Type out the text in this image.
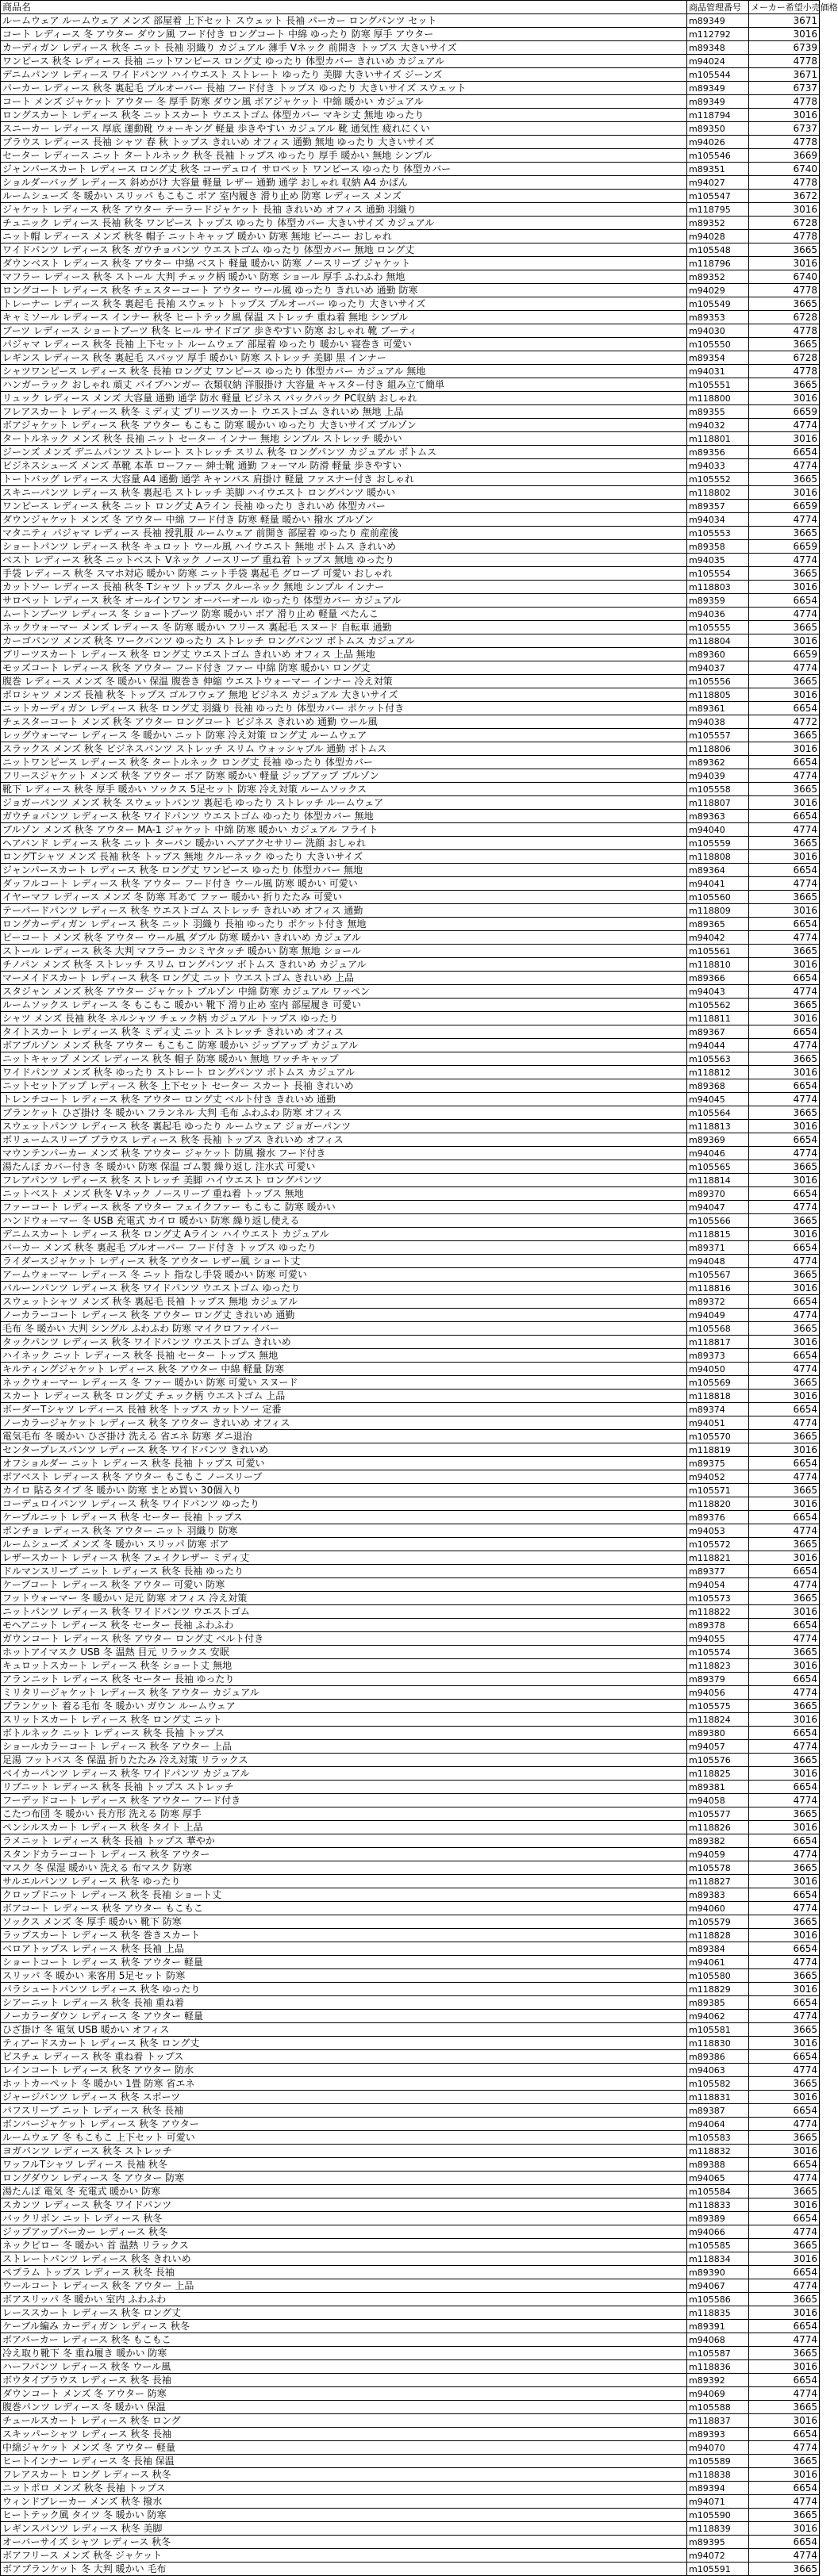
商品名	商品管理番号	メーカー希望小売価格
ルームウェア ルームウェア メンズ 部屋着 上下セット スウェット 長袖 パーカー ロングパンツ セット	m89349	3671
コート レディース 冬 アウター ダウン風 フード付き ロングコート 中綿 ゆったり 防寒 厚手 アウター	m112792	3016
カーディガン レディース 秋冬 ニット 長袖 羽織り カジュアル 薄手 Vネック 前開き トップス 大きいサイズ	m89348	6739
ワンピース 秋冬 レディース 長袖 ニットワンピース ロング丈 ゆったり 体型カバー きれいめ カジュアル	m94024	4778
デニムパンツ レディース ワイドパンツ ハイウエスト ストレート ゆったり 美脚 大きいサイズ ジーンズ	m105544	3671
パーカー レディース 秋冬 裏起毛 プルオーバー 長袖 フード付き トップス ゆったり 大きいサイズ スウェット	m89349	6737
コート メンズ ジャケット アウター 冬 厚手 防寒 ダウン風 ボアジャケット 中綿 暖かい カジュアル	m89349	4778
ロングスカート レディース 秋冬 ニットスカート ウエストゴム 体型カバー マキシ丈 無地 ゆったり	m118794	3016
スニーカー レディース 厚底 運動靴 ウォーキング 軽量 歩きやすい カジュアル 靴 通気性 疲れにくい	m89350	6737
ブラウス レディース 長袖 シャツ 春 秋 トップス きれいめ オフィス 通勤 無地 ゆったり 大きいサイズ	m94026	4778
セーター レディース ニット タートルネック 秋冬 長袖 トップス ゆったり 厚手 暖かい 無地 シンプル	m105546	3669
ジャンパースカート レディース ロング丈 秋冬 コーデュロイ サロペット ワンピース ゆったり 体型カバー	m89351	6740
ショルダーバッグ レディース 斜めがけ 大容量 軽量 レザー 通勤 通学 おしゃれ 収納 A4 かばん	m94027	4778
ルームシューズ 冬 暖かい スリッパ もこもこ ボア 室内履き 滑り止め 防寒 レディース メンズ	m105547	3672
ジャケット レディース 秋冬 アウター テーラードジャケット 長袖 きれいめ オフィス 通勤 羽織り	m118795	3016
チュニック レディース 長袖 秋冬 ワンピース トップス ゆったり 体型カバー 大きいサイズ カジュアル	m89352	6728
ニット帽 レディース メンズ 秋冬 帽子 ニットキャップ 暖かい 防寒 無地 ビーニー おしゃれ	m94028	4778
ワイドパンツ レディース 秋冬 ガウチョパンツ ウエストゴム ゆったり 体型カバー 無地 ロング丈	m105548	3665
ダウンベスト レディース 秋冬 アウター 中綿 ベスト 軽量 暖かい 防寒 ノースリーブ ジャケット	m118796	3016
マフラー レディース 秋冬 ストール 大判 チェック柄 暖かい 防寒 ショール 厚手 ふわふわ 無地	m89352	6740
ロングコート レディース 秋冬 チェスターコート アウター ウール風 ゆったり きれいめ 通勤 防寒	m94029	4778
トレーナー レディース 秋冬 裏起毛 長袖 スウェット トップス プルオーバー ゆったり 大きいサイズ	m105549	3665
キャミソール レディース インナー 秋冬 ヒートテック風 保温 ストレッチ 重ね着 無地 シンプル	m89353	6728
ブーツ レディース ショートブーツ 秋冬 ヒール サイドゴア 歩きやすい 防寒 おしゃれ 靴 ブーティ	m94030	4778
パジャマ レディース 秋冬 長袖 上下セット ルームウェア 部屋着 ゆったり 暖かい 寝巻き 可愛い	m105550	3665
レギンス レディース 秋冬 裏起毛 スパッツ 厚手 暖かい 防寒 ストレッチ 美脚 黒 インナー	m89354	6728
シャツワンピース レディース 秋冬 長袖 ロング丈 ワンピース ゆったり 体型カバー カジュアル 無地	m94031	4778
ハンガーラック おしゃれ 頑丈 パイプハンガー 衣類収納 洋服掛け 大容量 キャスター付き 組み立て簡単	m105551	3665
リュック レディース メンズ 大容量 通勤 通学 防水 軽量 ビジネス バックパック PC収納 おしゃれ	m118800	3016
フレアスカート レディース 秋冬 ミディ丈 プリーツスカート ウエストゴム きれいめ 無地 上品	m89355	6659
ボアジャケット レディース 秋冬 アウター もこもこ 防寒 暖かい ゆったり 大きいサイズ ブルゾン	m94032	4774
タートルネック メンズ 秋冬 長袖 ニット セーター インナー 無地 シンプル ストレッチ 暖かい	m118801	3016
ジーンズ メンズ デニムパンツ ストレート ストレッチ スリム 秋冬 ロングパンツ カジュアル ボトムス	m89356	6654
ビジネスシューズ メンズ 革靴 本革 ローファー 紳士靴 通勤 フォーマル 防滑 軽量 歩きやすい	m94033	4774
トートバッグ レディース 大容量 A4 通勤 通学 キャンバス 肩掛け 軽量 ファスナー付き おしゃれ	m105552	3665
スキニーパンツ レディース 秋冬 裏起毛 ストレッチ 美脚 ハイウエスト ロングパンツ 暖かい	m118802	3016
ワンピース レディース 秋冬 ニット ロング丈 Aライン 長袖 ゆったり きれいめ 体型カバー	m89357	6659
ダウンジャケット メンズ 冬 アウター 中綿 フード付き 防寒 軽量 暖かい 撥水 ブルゾン	m94034	4774
マタニティ パジャマ レディース 長袖 授乳服 ルームウェア 前開き 部屋着 ゆったり 産前産後	m105553	3665
ショートパンツ レディース 秋冬 キュロット ウール風 ハイウエスト 無地 ボトムス きれいめ	m89358	6659
ベスト レディース 秋冬 ニットベスト Vネック ノースリーブ 重ね着 トップス 無地 ゆったり	m94035	4774
手袋 レディース 秋冬 スマホ対応 暖かい 防寒 ニット手袋 裏起毛 グローブ 可愛い おしゃれ	m105554	3665
カットソー レディース 長袖 秋冬 Tシャツ トップス クルーネック 無地 シンプル インナー	m118803	3016
サロペット レディース 秋冬 オールインワン オーバーオール ゆったり 体型カバー カジュアル	m89359	6654
ムートンブーツ レディース 冬 ショートブーツ 防寒 暖かい ボア 滑り止め 軽量 ぺたんこ	m94036	4774
ネックウォーマー メンズ レディース 冬 防寒 暖かい フリース 裏起毛 スヌード 自転車 通勤	m105555	3665
カーゴパンツ メンズ 秋冬 ワークパンツ ゆったり ストレッチ ロングパンツ ボトムス カジュアル	m118804	3016
プリーツスカート レディース 秋冬 ロング丈 ウエストゴム きれいめ オフィス 上品 無地	m89360	6659
モッズコート レディース 秋冬 アウター フード付き ファー 中綿 防寒 暖かい ロング丈	m94037	4774
腹巻 レディース メンズ 冬 暖かい 保温 腹巻き 伸縮 ウエストウォーマー インナー 冷え対策	m105556	3665
ポロシャツ メンズ 長袖 秋冬 トップス ゴルフウェア 無地 ビジネス カジュアル 大きいサイズ	m118805	3016
ニットカーディガン レディース 秋冬 ロング丈 羽織り 長袖 ゆったり 体型カバー ポケット付き	m89361	6654
チェスターコート メンズ 秋冬 アウター ロングコート ビジネス きれいめ 通勤 ウール風	m94038	4772
レッグウォーマー レディース 冬 暖かい ニット 防寒 冷え対策 ロング丈 ルームウェア	m105557	3665
スラックス メンズ 秋冬 ビジネスパンツ ストレッチ スリム ウォッシャブル 通勤 ボトムス	m118806	3016
ニットワンピース レディース 秋冬 タートルネック ロング丈 長袖 ゆったり 体型カバー	m89362	6654
フリースジャケット メンズ 秋冬 アウター ボア 防寒 暖かい 軽量 ジップアップ ブルゾン	m94039	4774
靴下 レディース 秋冬 厚手 暖かい ソックス 5足セット 防寒 冷え対策 ルームソックス	m105558	3665
ジョガーパンツ メンズ 秋冬 スウェットパンツ 裏起毛 ゆったり ストレッチ ルームウェア	m118807	3016
ガウチョパンツ レディース 秋冬 ワイドパンツ ウエストゴム ゆったり 体型カバー 無地	m89363	6654
ブルゾン メンズ 秋冬 アウター MA-1 ジャケット 中綿 防寒 暖かい カジュアル フライト	m94040	4774
ヘアバンド レディース 秋冬 ニット ターバン 暖かい ヘアアクセサリー 洗顔 おしゃれ	m105559	3665
ロングTシャツ メンズ 長袖 秋冬 トップス 無地 クルーネック ゆったり 大きいサイズ	m118808	3016
ジャンパースカート レディース 秋冬 ロング丈 ワンピース ゆったり 体型カバー 無地	m89364	6654
ダッフルコート レディース 秋冬 アウター フード付き ウール風 防寒 暖かい 可愛い	m94041	4774
イヤーマフ レディース メンズ 冬 防寒 耳あて ファー 暖かい 折りたたみ 可愛い	m105560	3665
テーパードパンツ レディース 秋冬 ウエストゴム ストレッチ きれいめ オフィス 通勤	m118809	3016
ロングカーディガン レディース 秋冬 ニット 羽織り 長袖 ゆったり ポケット付き 無地	m89365	6654
ピーコート メンズ 秋冬 アウター ウール風 ダブル 防寒 暖かい きれいめ カジュアル	m94042	4774
ストール レディース 秋冬 大判 マフラー カシミヤタッチ 暖かい 防寒 無地 ショール	m105561	3665
チノパン メンズ 秋冬 ストレッチ スリム ロングパンツ ボトムス きれいめ カジュアル	m118810	3016
マーメイドスカート レディース 秋冬 ロング丈 ニット ウエストゴム きれいめ 上品	m89366	6654
スタジャン メンズ 秋冬 アウター ジャケット ブルゾン 中綿 防寒 カジュアル ワッペン	m94043	4774
ルームソックス レディース 冬 もこもこ 暖かい 靴下 滑り止め 室内 部屋履き 可愛い	m105562	3665
シャツ メンズ 長袖 秋冬 ネルシャツ チェック柄 カジュアル トップス ゆったり	m118811	3016
タイトスカート レディース 秋冬 ミディ丈 ニット ストレッチ きれいめ オフィス	m89367	6654
ボアブルゾン メンズ 秋冬 アウター もこもこ 防寒 暖かい ジップアップ カジュアル	m94044	4774
ニットキャップ メンズ レディース 秋冬 帽子 防寒 暖かい 無地 ワッチキャップ	m105563	3665
ワイドパンツ メンズ 秋冬 ゆったり ストレート ロングパンツ ボトムス カジュアル	m118812	3016
ニットセットアップ レディース 秋冬 上下セット セーター スカート 長袖 きれいめ	m89368	6654
トレンチコート レディース 秋冬 アウター ロング丈 ベルト付き きれいめ 通勤	m94045	4774
ブランケット ひざ掛け 冬 暖かい フランネル 大判 毛布 ふわふわ 防寒 オフィス	m105564	3665
スウェットパンツ レディース 秋冬 裏起毛 ゆったり ルームウェア ジョガーパンツ	m118813	3016
ボリュームスリーブ ブラウス レディース 秋冬 長袖 トップス きれいめ オフィス	m89369	6654
マウンテンパーカー メンズ 秋冬 アウター ジャケット 防風 撥水 フード付き	m94046	4774
湯たんぽ カバー付き 冬 暖かい 防寒 保温 ゴム製 繰り返し 注水式 可愛い	m105565	3665
フレアパンツ レディース 秋冬 ストレッチ 美脚 ハイウエスト ロングパンツ	m118814	3016
ニットベスト メンズ 秋冬 Vネック ノースリーブ 重ね着 トップス 無地	m89370	6654
ファーコート レディース 秋冬 アウター フェイクファー もこもこ 防寒 暖かい	m94047	4774
ハンドウォーマー 冬 USB 充電式 カイロ 暖かい 防寒 繰り返し使える	m105566	3665
デニムスカート レディース 秋冬 ロング丈 Aライン ハイウエスト カジュアル	m118815	3016
パーカー メンズ 秋冬 裏起毛 プルオーバー フード付き トップス ゆったり	m89371	6654
ライダースジャケット レディース 秋冬 アウター レザー風 ショート丈	m94048	4774
アームウォーマー レディース 冬 ニット 指なし手袋 暖かい 防寒 可愛い	m105567	3665
バルーンパンツ レディース 秋冬 ワイドパンツ ウエストゴム ゆったり	m118816	3016
スウェットシャツ メンズ 秋冬 裏起毛 長袖 トップス 無地 カジュアル	m89372	6654
ノーカラーコート レディース 秋冬 アウター ロング丈 きれいめ 通勤	m94049	4774
毛布 冬 暖かい 大判 シングル ふわふわ 防寒 マイクロファイバー	m105568	3665
タックパンツ レディース 秋冬 ワイドパンツ ウエストゴム きれいめ	m118817	3016
ハイネック ニット レディース 秋冬 長袖 セーター トップス 無地	m89373	6654
キルティングジャケット レディース 秋冬 アウター 中綿 軽量 防寒	m94050	4774
ネックウォーマー レディース 冬 ファー 暖かい 防寒 可愛い スヌード	m105569	3665
スカート レディース 秋冬 ロング丈 チェック柄 ウエストゴム 上品	m118818	3016
ボーダーTシャツ レディース 長袖 秋冬 トップス カットソー 定番	m89374	6654
ノーカラージャケット レディース 秋冬 アウター きれいめ オフィス	m94051	4774
電気毛布 冬 暖かい ひざ掛け 洗える 省エネ 防寒 ダニ退治	m105570	3665
センタープレスパンツ レディース 秋冬 ワイドパンツ きれいめ	m118819	3016
オフショルダー ニット レディース 秋冬 長袖 トップス 可愛い	m89375	6654
ボアベスト レディース 秋冬 アウター もこもこ ノースリーブ	m94052	4774
カイロ 貼るタイプ 冬 暖かい 防寒 まとめ買い 30個入り	m105571	3665
コーデュロイパンツ レディース 秋冬 ワイドパンツ ゆったり	m118820	3016
ケーブルニット レディース 秋冬 セーター 長袖 トップス	m89376	6654
ポンチョ レディース 秋冬 アウター ニット 羽織り 防寒	m94053	4774
ルームシューズ メンズ 冬 暖かい スリッパ 防寒 ボア	m105572	3665
レザースカート レディース 秋冬 フェイクレザー ミディ丈	m118821	3016
ドルマンスリーブ ニット レディース 秋冬 長袖 ゆったり	m89377	6654
ケープコート レディース 秋冬 アウター 可愛い 防寒	m94054	4774
フットウォーマー 冬 暖かい 足元 防寒 オフィス 冷え対策	m105573	3665
ニットパンツ レディース 秋冬 ワイドパンツ ウエストゴム	m118822	3016
モヘアニット レディース 秋冬 セーター 長袖 ふわふわ	m89378	6654
ガウンコート レディース 秋冬 アウター ロング丈 ベルト付き	m94055	4774
ホットアイマスク USB 冬 温熱 目元 リラックス 安眠	m105574	3665
キュロットスカート レディース 秋冬 ショート丈 無地	m118823	3016
アランニット レディース 秋冬 セーター 長袖 ゆったり	m89379	6654
ミリタリージャケット レディース 秋冬 アウター カジュアル	m94056	4774
ブランケット 着る毛布 冬 暖かい ガウン ルームウェア	m105575	3665
スリットスカート レディース 秋冬 ロング丈 ニット	m118824	3016
ボトルネック ニット レディース 秋冬 長袖 トップス	m89380	6654
ショールカラーコート レディース 秋冬 アウター 上品	m94057	4774
足湯 フットバス 冬 保温 折りたたみ 冷え対策 リラックス	m105576	3665
ベイカーパンツ レディース 秋冬 ワイドパンツ カジュアル	m118825	3016
リブニット レディース 秋冬 長袖 トップス ストレッチ	m89381	6654
フーデッドコート レディース 秋冬 アウター フード付き	m94058	4774
こたつ布団 冬 暖かい 長方形 洗える 防寒 厚手	m105577	3665
ペンシルスカート レディース 秋冬 タイト 上品	m118826	3016
ラメニット レディース 秋冬 長袖 トップス 華やか	m89382	6654
スタンドカラーコート レディース 秋冬 アウター	m94059	4774
マスク 冬 保湿 暖かい 洗える 布マスク 防寒	m105578	3665
サルエルパンツ レディース 秋冬 ゆったり	m118827	3016
クロップドニット レディース 秋冬 長袖 ショート丈	m89383	6654
ボアコート レディース 秋冬 アウター もこもこ	m94060	4774
ソックス メンズ 冬 厚手 暖かい 靴下 防寒	m105579	3665
ラップスカート レディース 秋冬 巻きスカート	m118828	3016
ベロアトップス レディース 秋冬 長袖 上品	m89384	6654
ショートコート レディース 秋冬 アウター 軽量	m94061	4774
スリッパ 冬 暖かい 来客用 5足セット 防寒	m105580	3665
パラシュートパンツ レディース 秋冬 ゆったり	m118829	3016
シアーニット レディース 秋冬 長袖 重ね着	m89385	6654
ノーカラーダウン レディース 冬 アウター 軽量	m94062	4774
ひざ掛け 冬 電気 USB 暖かい オフィス	m105581	3665
ティアードスカート レディース 秋冬 ロング丈	m118830	3016
ビスチェ レディース 秋冬 重ね着 トップス	m89386	6654
レインコート レディース 秋冬 アウター 防水	m94063	4774
ホットカーペット 冬 暖かい 1畳 防寒 省エネ	m105582	3665
ジャージパンツ レディース 秋冬 スポーツ	m118831	3016
パフスリーブ ニット レディース 秋冬 長袖	m89387	6654
ボンバージャケット レディース 秋冬 アウター	m94064	4774
ルームウェア 冬 もこもこ 上下セット 可愛い	m105583	3665
ヨガパンツ レディース 秋冬 ストレッチ	m118832	3016
ワッフルTシャツ レディース 長袖 秋冬	m89388	6654
ロングダウン レディース 冬 アウター 防寒	m94065	4774
湯たんぽ 電気 冬 充電式 暖かい 防寒	m105584	3665
スカンツ レディース 秋冬 ワイドパンツ	m118833	3016
バックリボン ニット レディース 秋冬	m89389	6654
ジップアップパーカー レディース 秋冬	m94066	4774
ネックピロー 冬 暖かい 首 温熱 リラックス	m105585	3665
ストレートパンツ レディース 秋冬 きれいめ	m118834	3016
ペプラム トップス レディース 秋冬 長袖	m89390	6654
ウールコート レディース 秋冬 アウター 上品	m94067	4774
ボアスリッパ 冬 暖かい 室内 ふわふわ	m105586	3665
レーススカート レディース 秋冬 ロング丈	m118835	3016
ケーブル編み カーディガン レディース 秋冬	m89391	6654
ボアパーカー レディース 秋冬 もこもこ	m94068	4774
冷え取り靴下 冬 重ね履き 暖かい 防寒	m105587	3665
ハーフパンツ レディース 秋冬 ウール風	m118836	3016
ボウタイブラウス レディース 秋冬 長袖	m89392	6654
ダウンコート メンズ 冬 アウター 防寒	m94069	4774
腹巻パンツ レディース 冬 暖かい 保温	m105588	3665
チュールスカート レディース 秋冬 ロング	m118837	3016
スキッパーシャツ レディース 秋冬 長袖	m89393	6654
中綿ジャケット メンズ 冬 アウター 軽量	m94070	4774
ヒートインナー レディース 冬 長袖 保温	m105589	3665
フレアスカート ロング レディース 秋冬	m118838	3016
ニットポロ メンズ 秋冬 長袖 トップス	m89394	6654
ウィンドブレーカー メンズ 秋冬 撥水	m94071	4774
ヒートテック風 タイツ 冬 暖かい 防寒	m105590	3665
レギンスパンツ レディース 秋冬 美脚	m118839	3016
オーバーサイズ シャツ レディース 秋冬	m89395	6654
ボアフリース メンズ 秋冬 ジャケット	m94072	4774
ボアブランケット 冬 大判 暖かい 毛布	m105591	3665
